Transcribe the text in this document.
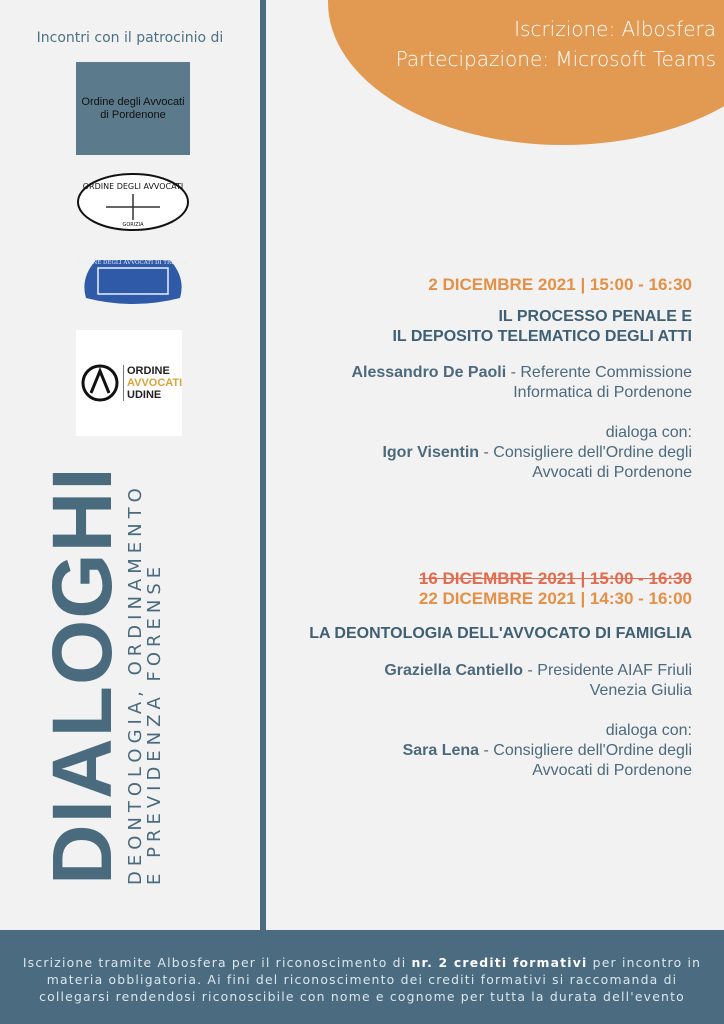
Iscrizione: Albosfera
Partecipazione: Microsoft Teams
Incontri con il patrocinio di
Ordine degli Avvocati di Pordenone
ORDINE DEGLI AVVOCATI
GORIZIA
ORDINE DEGLI AVVOCATI DI TRIESTE
ORDINE
AVVOCATI
UDINE
DIALOGHI
DEONTOLOGIA, ORDINAMENTO
E PREVIDENZA FORENSE
2 DICEMBRE 2021 | 15:00 - 16:30
IL PROCESSO PENALE E
IL DEPOSITO TELEMATICO DEGLI ATTI
Alessandro De Paoli - Referente Commissione
Informatica di Pordenone
dialoga con:
Igor Visentin - Consigliere dell'Ordine degli
Avvocati di Pordenone
16 DICEMBRE 2021 | 15:00 - 16:30
22 DICEMBRE 2021 | 14:30 - 16:00
LA DEONTOLOGIA DELL'AVVOCATO DI FAMIGLIA
Graziella Cantiello - Presidente AIAF Friuli
Venezia Giulia
dialoga con:
Sara Lena - Consigliere dell'Ordine degli
Avvocati di Pordenone

Iscrizione tramite Albosfera per il riconoscimento di nr. 2 crediti formativi per incontro in materia obbligatoria. Ai fini del riconoscimento dei crediti formativi si raccomanda di collegarsi rendendosi riconoscibile con nome e cognome per tutta la durata dell'evento
